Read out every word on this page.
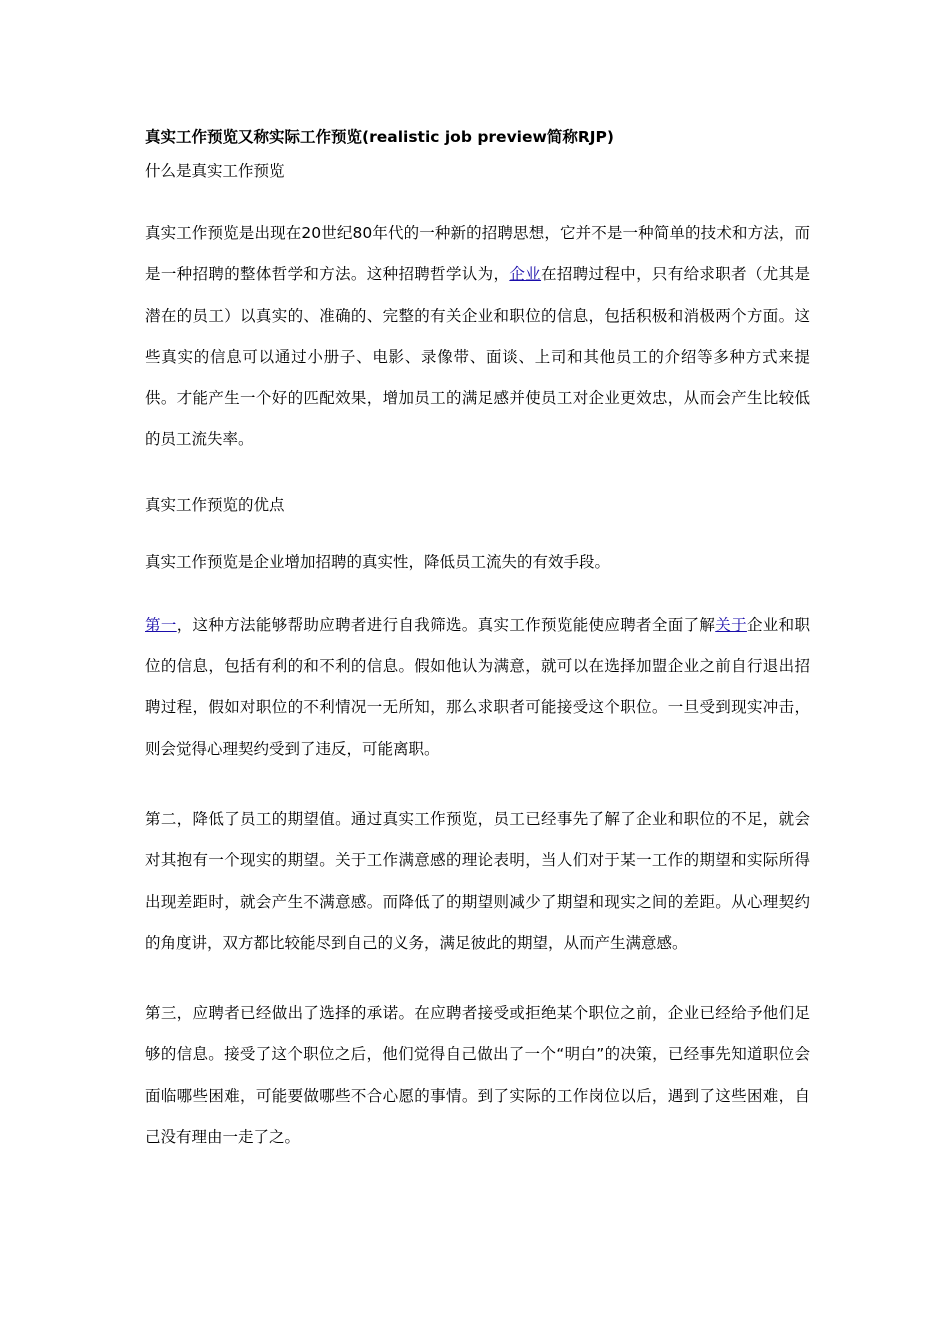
真实工作预览又称实际工作预览(realistic job preview简称RJP)

什么是真实工作预览

真实工作预览是出现在20世纪80年代的一种新的招聘思想，它并不是一种简单的技术和方法，而是一种招聘的整体哲学和方法。这种招聘哲学认为，企业在招聘过程中，只有给求职者（尤其是潜在的员工）以真实的、准确的、完整的有关企业和职位的信息，包括积极和消极两个方面。这些真实的信息可以通过小册子、电影、录像带、面谈、上司和其他员工的介绍等多种方式来提供。才能产生一个好的匹配效果，增加员工的满足感并使员工对企业更效忠，从而会产生比较低的员工流失率。

真实工作预览的优点

真实工作预览是企业增加招聘的真实性，降低员工流失的有效手段。

第一，这种方法能够帮助应聘者进行自我筛选。真实工作预览能使应聘者全面了解关于企业和职位的信息，包括有利的和不利的信息。假如他认为满意，就可以在选择加盟企业之前自行退出招聘过程，假如对职位的不利情况一无所知，那么求职者可能接受这个职位。一旦受到现实冲击，则会觉得心理契约受到了违反，可能离职。

第二，降低了员工的期望值。通过真实工作预览，员工已经事先了解了企业和职位的不足，就会对其抱有一个现实的期望。关于工作满意感的理论表明，当人们对于某一工作的期望和实际所得出现差距时，就会产生不满意感。而降低了的期望则减少了期望和现实之间的差距。从心理契约的角度讲，双方都比较能尽到自己的义务，满足彼此的期望，从而产生满意感。

第三，应聘者已经做出了选择的承诺。在应聘者接受或拒绝某个职位之前，企业已经给予他们足够的信息。接受了这个职位之后，他们觉得自己做出了一个“明白”的决策，已经事先知道职位会面临哪些困难，可能要做哪些不合心愿的事情。到了实际的工作岗位以后，遇到了这些困难，自己没有理由一走了之。
